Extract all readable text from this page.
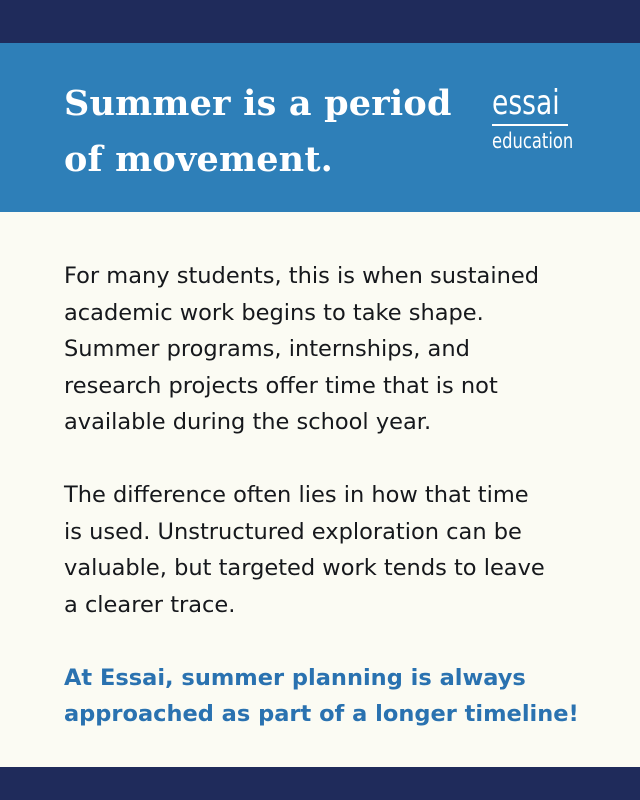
Summer is a period
of movement.
essai
education

For many students, this is when sustained
academic work begins to take shape.
Summer programs, internships, and
research projects offer time that is not
available during the school year.

The difference often lies in how that time
is used. Unstructured exploration can be
valuable, but targeted work tends to leave
a clearer trace.

At Essai, summer planning is always
approached as part of a longer timeline!
